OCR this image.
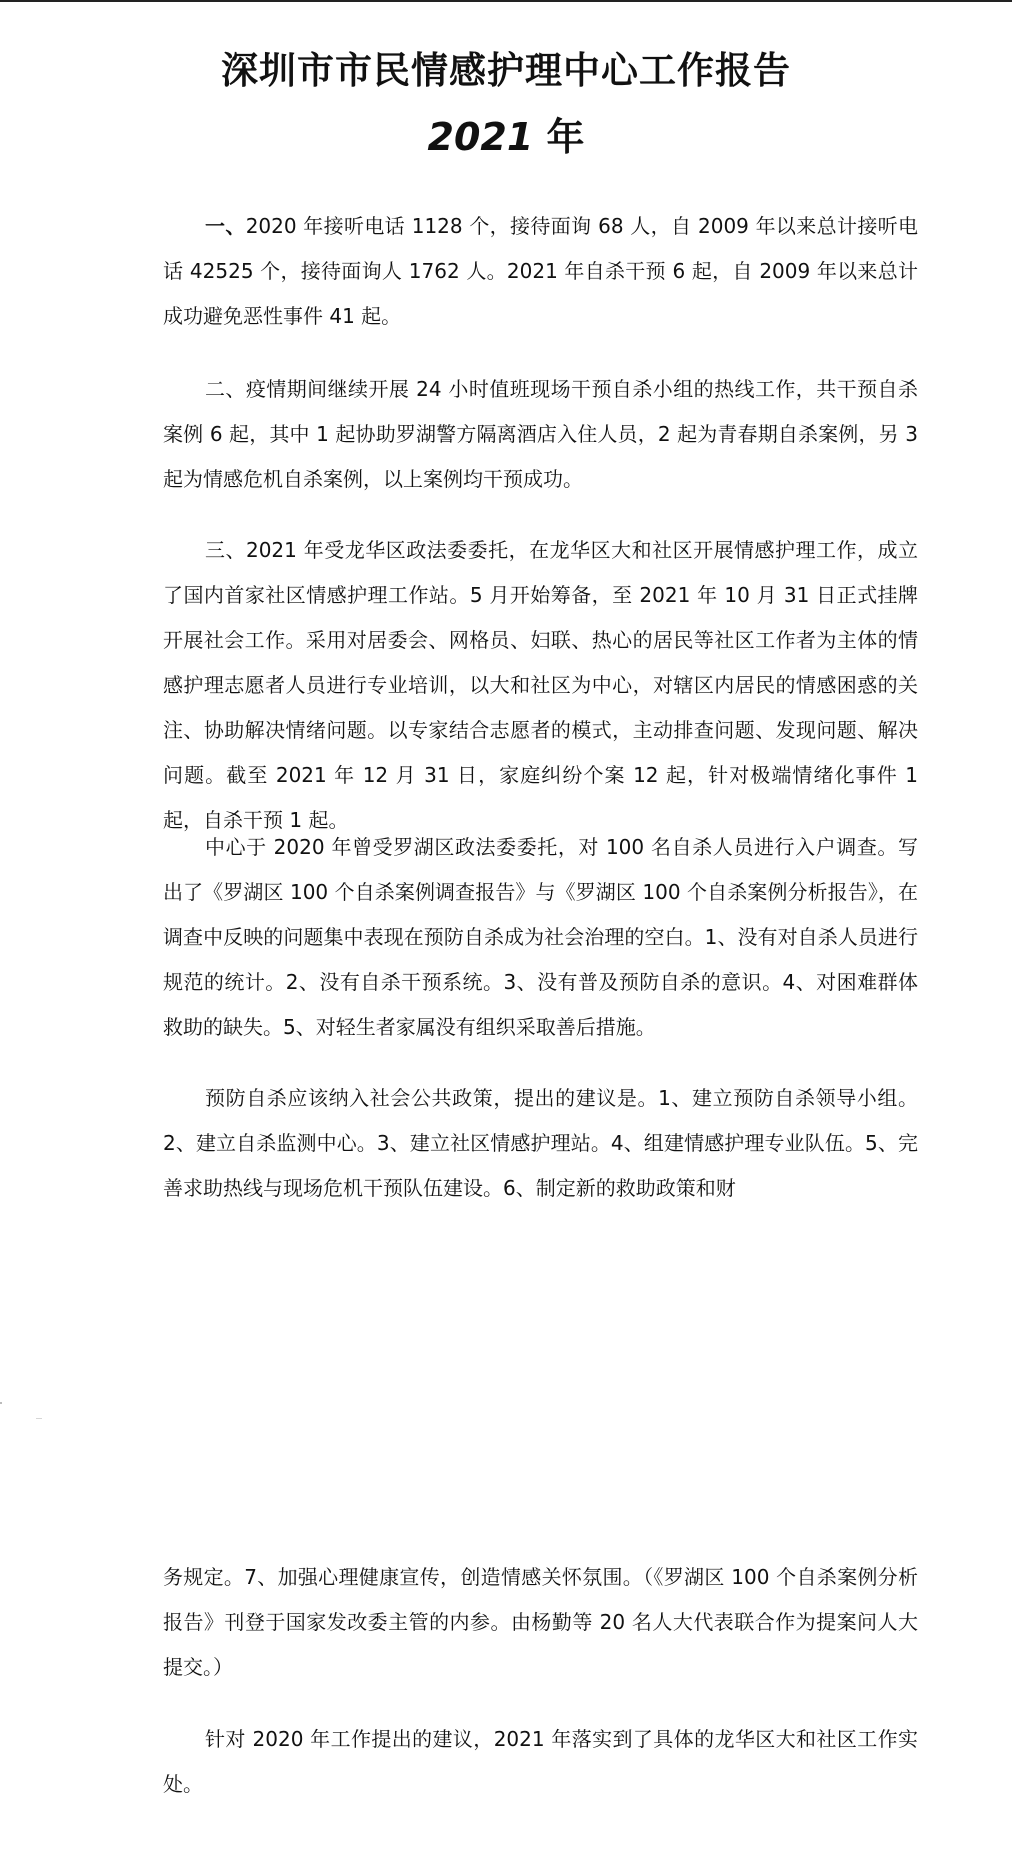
深圳市市民情感护理中心工作报告
2021 年

一、2020 年接听电话 1128 个，接待面询 68 人，自 2009 年以来总计接听电话 42525 个，接待面询人 1762 人。2021 年自杀干预 6 起，自 2009 年以来总计成功避免恶性事件 41 起。

二、疫情期间继续开展 24 小时值班现场干预自杀小组的热线工作，共干预自杀案例 6 起，其中 1 起协助罗湖警方隔离酒店入住人员，2 起为青春期自杀案例，另 3 起为情感危机自杀案例，以上案例均干预成功。

三、2021 年受龙华区政法委委托，在龙华区大和社区开展情感护理工作，成立了国内首家社区情感护理工作站。5 月开始筹备，至 2021 年 10 月 31 日正式挂牌开展社会工作。采用对居委会、网格员、妇联、热心的居民等社区工作者为主体的情感护理志愿者人员进行专业培训，以大和社区为中心，对辖区内居民的情感困惑的关注、协助解决情绪问题。以专家结合志愿者的模式，主动排查问题、发现问题、解决问题。截至 2021 年 12 月 31 日，家庭纠纷个案 12 起，针对极端情绪化事件 1 起，自杀干预 1 起。

中心于 2020 年曾受罗湖区政法委委托，对 100 名自杀人员进行入户调查。写出了《罗湖区 100 个自杀案例调查报告》与《罗湖区 100 个自杀案例分析报告》，在调查中反映的问题集中表现在预防自杀成为社会治理的空白。1、没有对自杀人员进行规范的统计。2、没有自杀干预系统。3、没有普及预防自杀的意识。4、对困难群体救助的缺失。5、对轻生者家属没有组织采取善后措施。

预防自杀应该纳入社会公共政策，提出的建议是。1、建立预防自杀领导小组。2、建立自杀监测中心。3、建立社区情感护理站。4、组建情感护理专业队伍。5、完善求助热线与现场危机干预队伍建设。6、制定新的救助政策和财

务规定。7、加强心理健康宣传，创造情感关怀氛围。（《罗湖区 100 个自杀案例分析报告》刊登于国家发改委主管的内参。由杨勤等 20 名人大代表联合作为提案问人大提交。）

针对 2020 年工作提出的建议，2021 年落实到了具体的龙华区大和社区工作实处。
